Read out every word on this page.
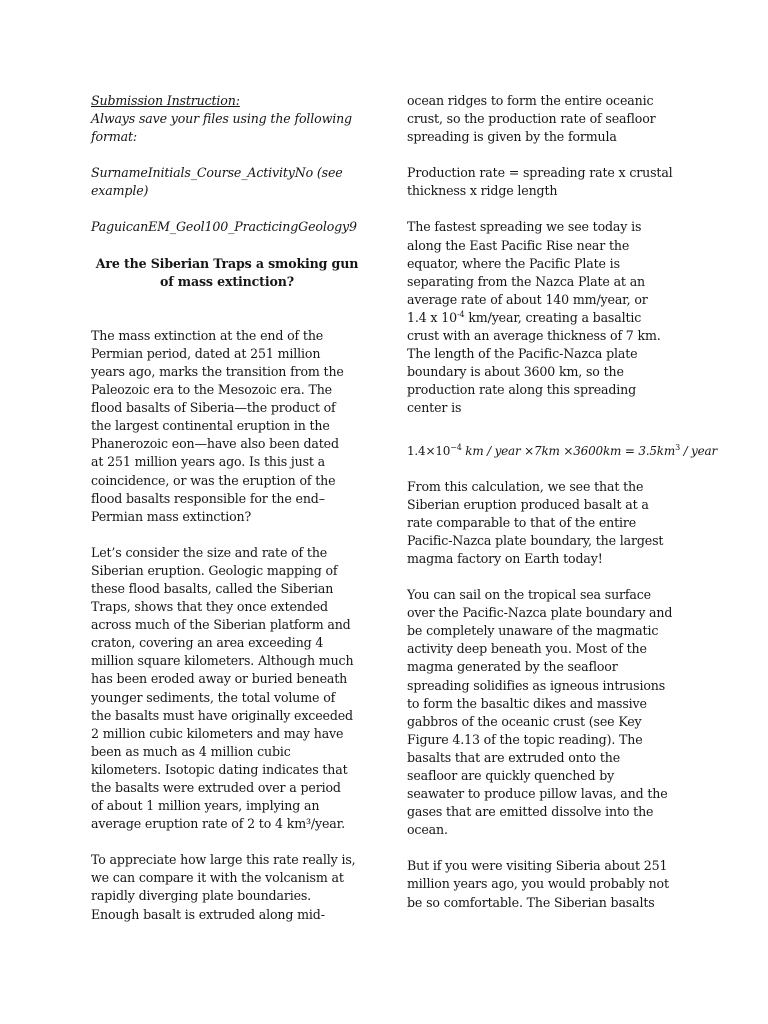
Submission Instruction:
Always save your files using the following
format:
SurnameInitials_Course_ActivityNo (see
example)
PaguicanEM_Geol100_PracticingGeology9
Are the Siberian Traps a smoking gun
of mass extinction?

The mass extinction at the end of the
Permian period, dated at 251 million
years ago, marks the transition from the
Paleozoic era to the Mesozoic era. The
flood basalts of Siberia—the product of
the largest continental eruption in the
Phanerozoic eon—have also been dated
at 251 million years ago. Is this just a
coincidence, or was the eruption of the
flood basalts responsible for the end–
Permian mass extinction?

Let’s consider the size and rate of the
Siberian eruption. Geologic mapping of
these flood basalts, called the Siberian
Traps, shows that they once extended
across much of the Siberian platform and
craton, covering an area exceeding 4
million square kilometers. Although much
has been eroded away or buried beneath
younger sediments, the total volume of
the basalts must have originally exceeded
2 million cubic kilometers and may have
been as much as 4 million cubic
kilometers. Isotopic dating indicates that
the basalts were extruded over a period
of about 1 million years, implying an
average eruption rate of 2 to 4 km³/year.

To appreciate how large this rate really is,
we can compare it with the volcanism at
rapidly diverging plate boundaries.
Enough basalt is extruded along mid-

ocean ridges to form the entire oceanic
crust, so the production rate of seafloor
spreading is given by the formula

Production rate = spreading rate x crustal
thickness x ridge length

The fastest spreading we see today is
along the East Pacific Rise near the
equator, where the Pacific Plate is
separating from the Nazca Plate at an
average rate of about 140 mm/year, or
1.4 x $10^{-4}$ km/year, creating a basaltic
crust with an average thickness of 7 km.
The length of the Pacific-Nazca plate
boundary is about 3600 km, so the
production rate along this spreading
center is

$1.4\times 10^{-4}$ km / year $\times 7km \times 3600km = 3.5km^3$ / year

From this calculation, we see that the
Siberian eruption produced basalt at a
rate comparable to that of the entire
Pacific-Nazca plate boundary, the largest
magma factory on Earth today!

You can sail on the tropical sea surface
over the Pacific-Nazca plate boundary and
be completely unaware of the magmatic
activity deep beneath you. Most of the
magma generated by the seafloor
spreading solidifies as igneous intrusions
to form the basaltic dikes and massive
gabbros of the oceanic crust (see Key
Figure 4.13 of the topic reading). The
basalts that are extruded onto the
seafloor are quickly quenched by
seawater to produce pillow lavas, and the
gases that are emitted dissolve into the
ocean.

But if you were visiting Siberia about 251
million years ago, you would probably not
be so comfortable. The Siberian basalts
